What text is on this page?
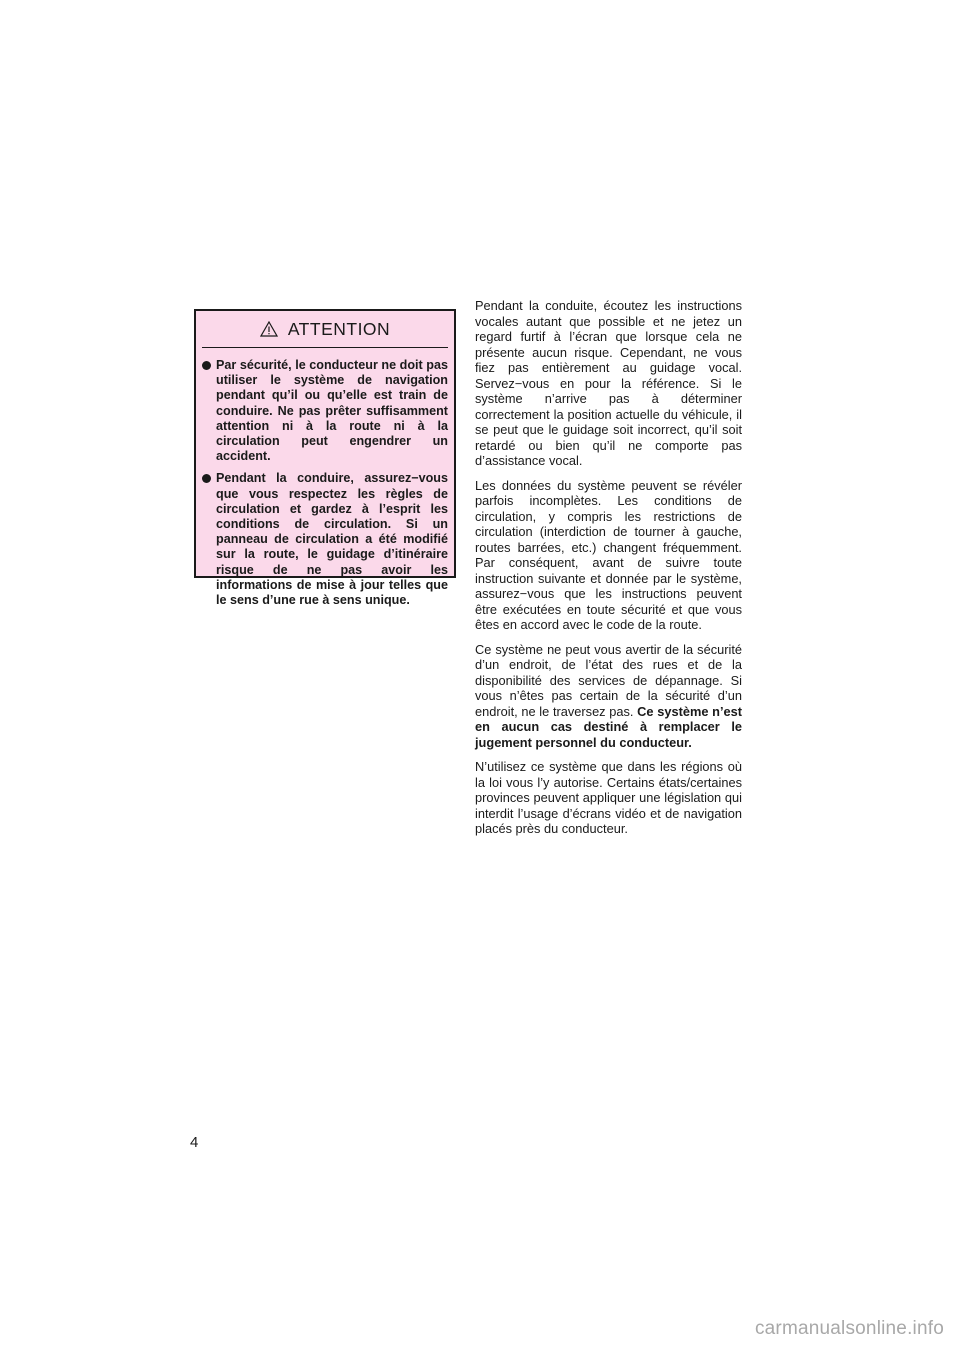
ATTENTION
Par sécurité, le conducteur ne doit pas utiliser le système de navigation pendant qu’il ou qu’elle est train de conduire. Ne pas prêter suffisamment attention ni à la route ni à la circulation peut engendrer un accident.
Pendant la conduire, assurez−vous que vous respectez les règles de circulation et gardez à l’esprit les conditions de circulation. Si un panneau de circulation a été modifié sur la route, le guidage d’itinéraire risque de ne pas avoir les informations de mise à jour telles que le sens d’une rue à sens unique.

Pendant la conduite, écoutez les instructions vocales autant que possible et ne jetez un regard furtif à l’écran que lorsque cela ne présente aucun risque. Cependant, ne vous fiez pas entièrement au guidage vocal. Servez−vous en pour la référence. Si le système n’arrive pas à déterminer correctement la position actuelle du véhicule, il se peut que le guidage soit incorrect, qu’il soit retardé ou bien qu’il ne comporte pas d’assistance vocal.

Les données du système peuvent se révéler parfois incomplètes. Les conditions de circulation, y compris les restrictions de circulation (interdiction de tourner à gauche, routes barrées, etc.) changent fréquemment. Par conséquent, avant de suivre toute instruction suivante et donnée par le système, assurez−vous que les instructions peuvent être exécutées en toute sécurité et que vous êtes en accord avec le code de la route.

Ce système ne peut vous avertir de la sécurité d’un endroit, de l’état des rues et de la disponibilité des services de dépannage. Si vous n’êtes pas certain de la sécurité d’un endroit, ne le traversez pas. Ce système n’est en aucun cas destiné à remplacer le jugement personnel du conducteur.

N’utilisez ce système que dans les régions où la loi vous l’y autorise. Certains états/certaines provinces peuvent appliquer une législation qui interdit l’usage d’écrans vidéo et de navigation placés près du conducteur.

4
carmanualsonline.info
